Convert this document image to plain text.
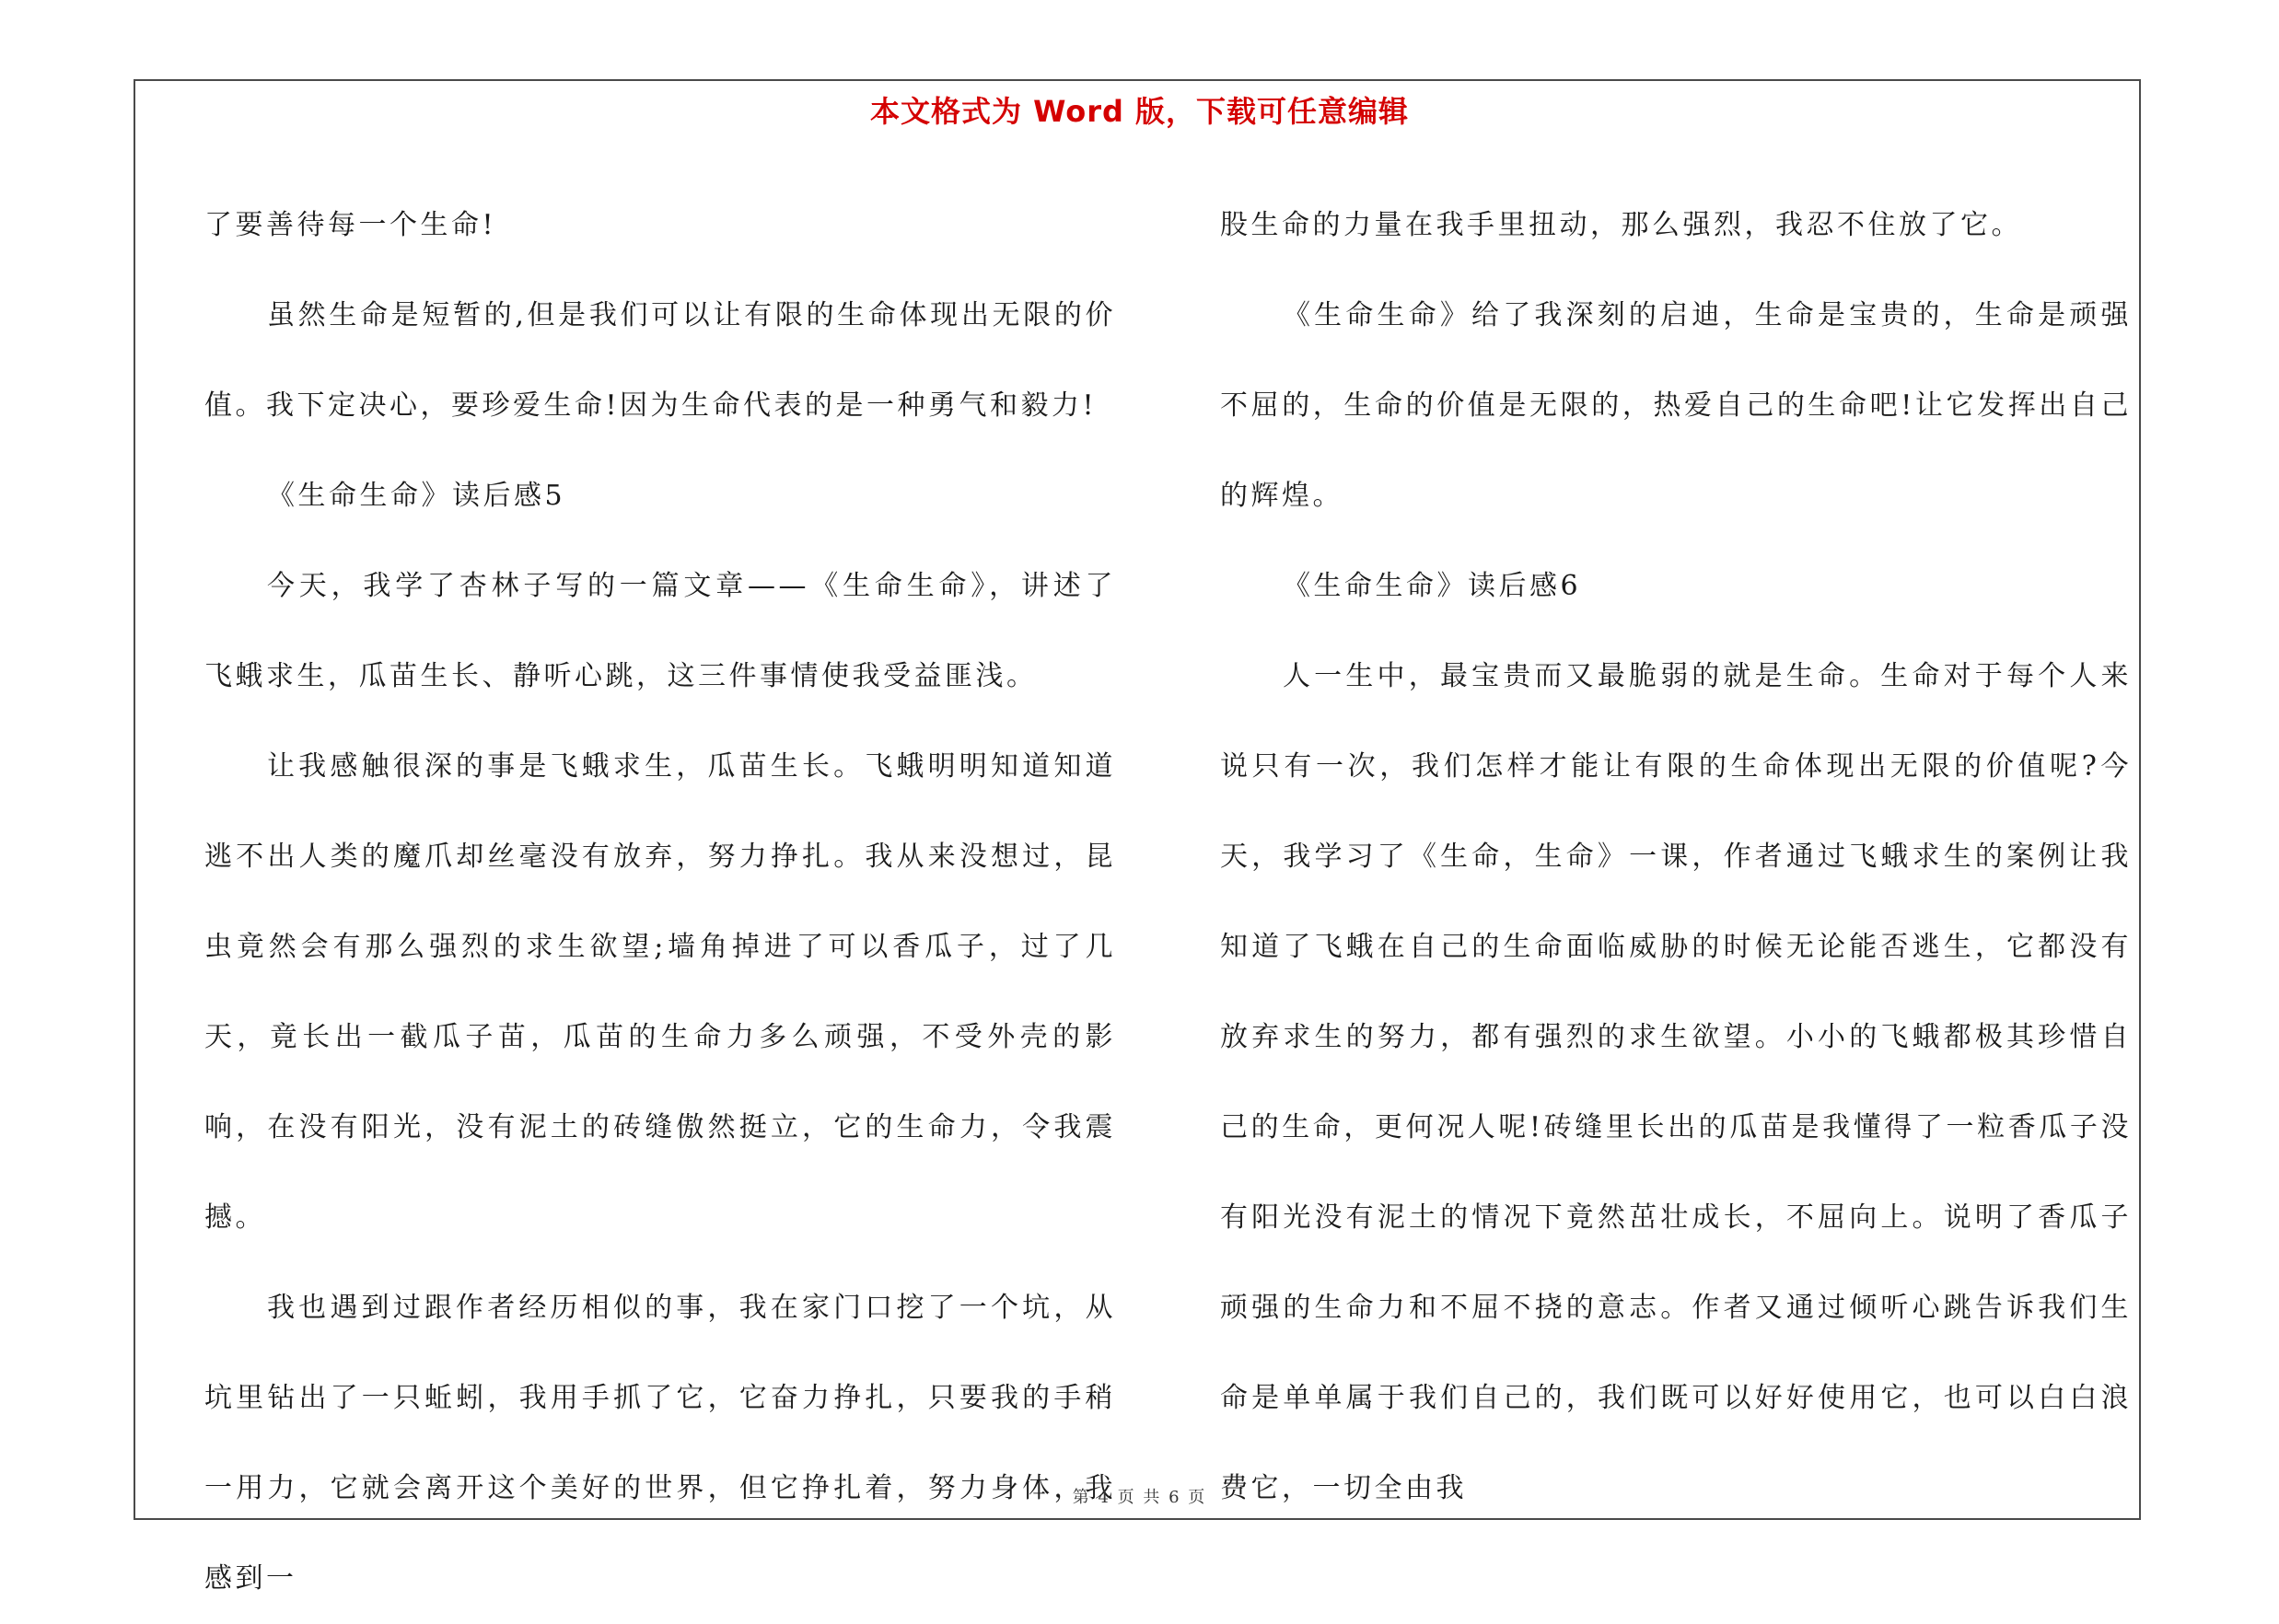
本文格式为 Word 版，下载可任意编辑

了要善待每一个生命!

虽然生命是短暂的,但是我们可以让有限的生命体现出无限的价值。我下定决心，要珍爱生命!因为生命代表的是一种勇气和毅力!

《生命生命》读后感5

今天，我学了杏林子写的一篇文章——《生命生命》，讲述了飞蛾求生，瓜苗生长、静听心跳，这三件事情使我受益匪浅。

让我感触很深的事是飞蛾求生，瓜苗生长。飞蛾明明知道知道逃不出人类的魔爪却丝毫没有放弃，努力挣扎。我从来没想过，昆虫竟然会有那么强烈的求生欲望;墙角掉进了可以香瓜子，过了几天，竟长出一截瓜子苗，瓜苗的生命力多么顽强，不受外壳的影响，在没有阳光，没有泥土的砖缝傲然挺立，它的生命力，令我震撼。

我也遇到过跟作者经历相似的事，我在家门口挖了一个坑，从坑里钻出了一只蚯蚓，我用手抓了它，它奋力挣扎，只要我的手稍一用力，它就会离开这个美好的世界，但它挣扎着，努力身体，我感到一

股生命的力量在我手里扭动，那么强烈，我忍不住放了它。

《生命生命》给了我深刻的启迪，生命是宝贵的，生命是顽强不屈的，生命的价值是无限的，热爱自己的生命吧!让它发挥出自己的辉煌。

《生命生命》读后感6

人一生中，最宝贵而又最脆弱的就是生命。生命对于每个人来说只有一次，我们怎样才能让有限的生命体现出无限的价值呢?今天，我学习了《生命，生命》一课，作者通过飞蛾求生的案例让我知道了飞蛾在自己的生命面临威胁的时候无论能否逃生，它都没有放弃求生的努力，都有强烈的求生欲望。小小的飞蛾都极其珍惜自己的生命，更何况人呢!砖缝里长出的瓜苗是我懂得了一粒香瓜子没有阳光没有泥土的情况下竟然茁壮成长，不屈向上。说明了香瓜子顽强的生命力和不屈不挠的意志。作者又通过倾听心跳告诉我们生命是单单属于我们自己的，我们既可以好好使用它，也可以白白浪费它，一切全由我

第 4 页 共 6 页
